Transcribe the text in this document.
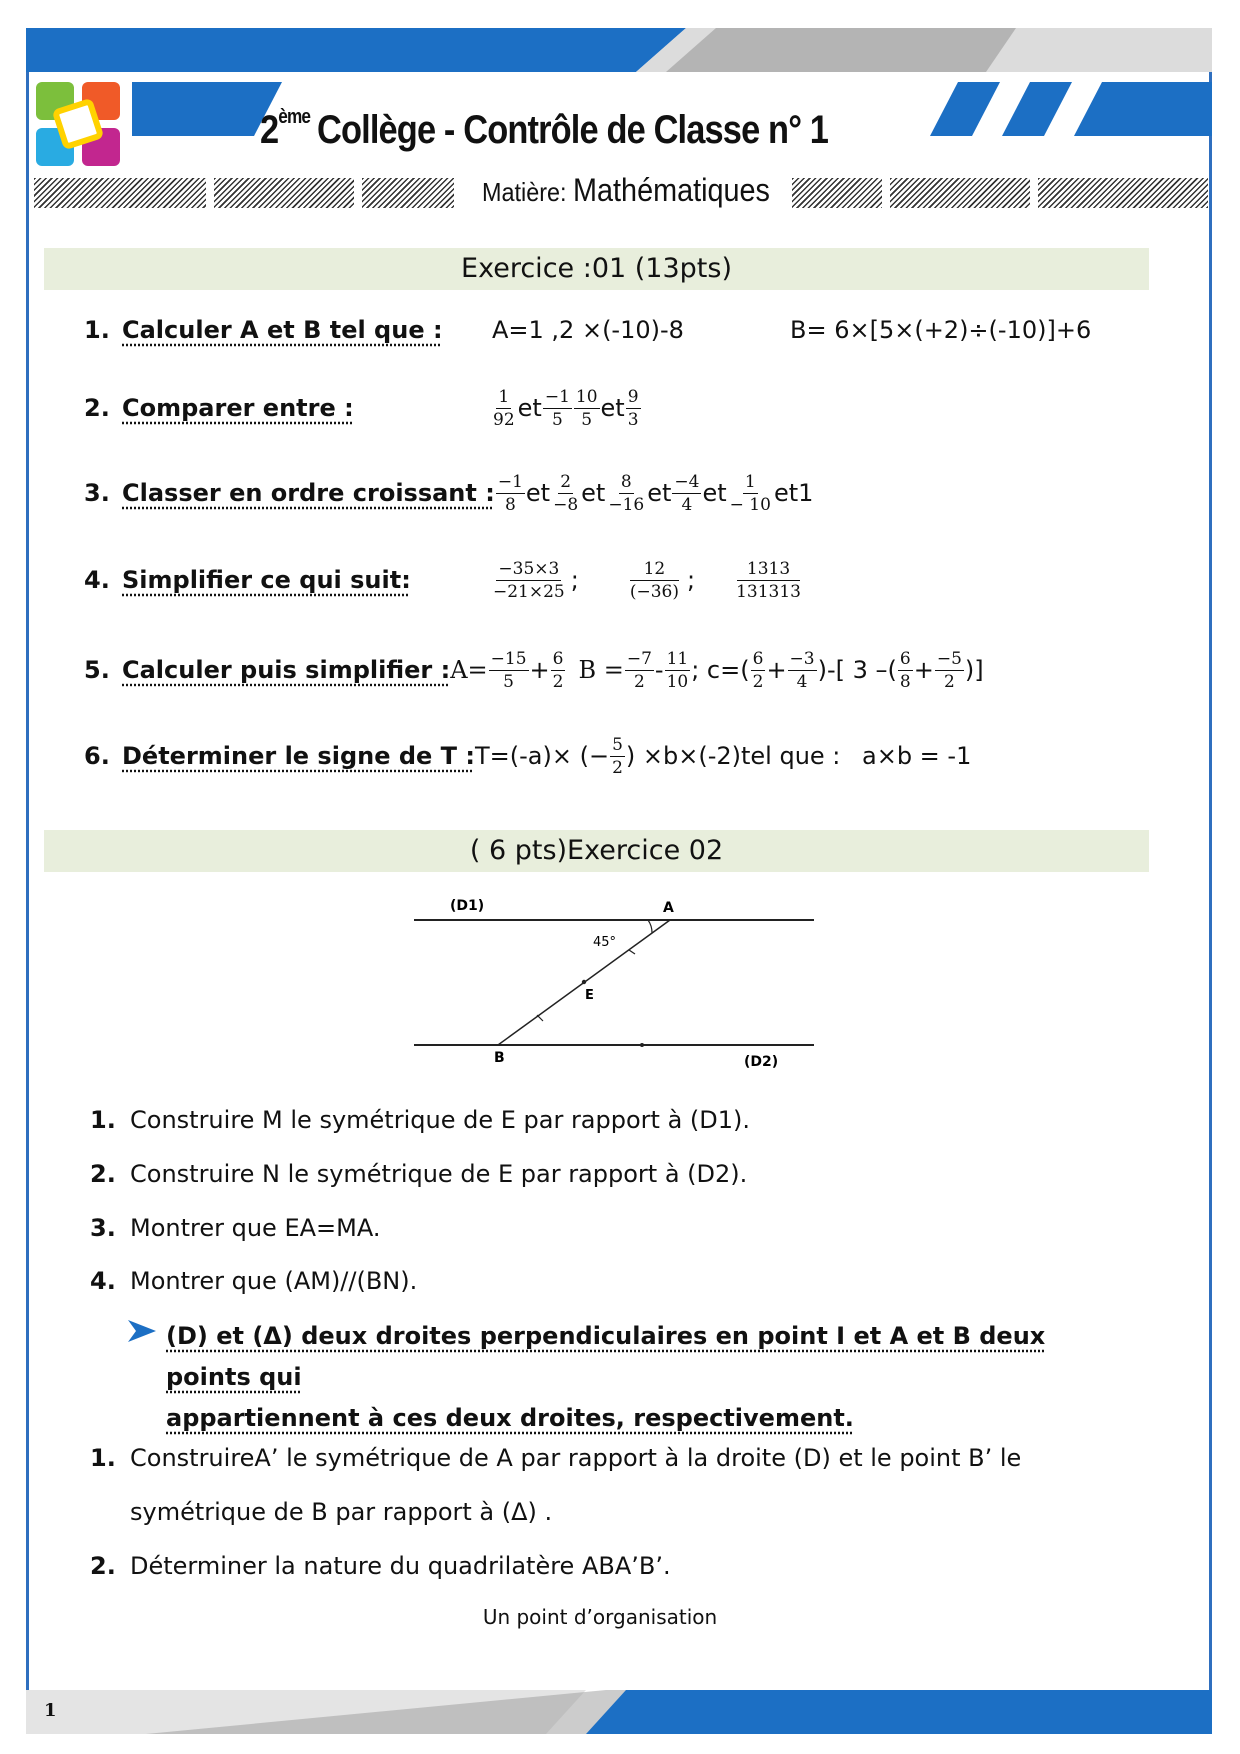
2ème Collège - Contrôle de Classe n° 1
Matière: Mathématiques
Exercice :01 (13pts)
1. Calculer A et B tel que : A=1 ,2 ×(-10)-8	B= 6×[5×(+2)÷(-10)]+6
2. Comparer entre :	$\frac{1}{92}$ et $\frac{-1}{5} \frac{10}{5}$ et $\frac{9}{3}$
3. Classer en ordre croissant : $\frac{-1}{8}$ et $\frac{2}{-8}$ et $\frac{8}{-16}$ et $\frac{-4}{4}$ et $\frac{1}{- 10} et1$
4. Simplifier ce qui suit:	$\frac{-35\times 3}{-21\times 25}$ ;	$\frac{12}{(-36)}$ ; $\frac{1313}{131313}$
5. Calculer puis simplifier : $A= \frac{-15}{5} + \frac{6}{2}$ $B = \frac{-7}{2} - \frac{11}{10}$ ; $c=( \frac{6}{2} + \frac{-3}{4}$ )-[ 3 –( $\frac{6}{8} + \frac{-5}{2}$ )]
6. Déterminer le signe de T : T=(-a)× (− $\frac{5}{2}$ ) ×b×(-2)tel que : a×b = -1
( 6 pts)Exercice 02
(D1)
(D2)
A
B
E
45°
1. Construire M le symétrique de E par rapport à (D1).
2. Construire N le symétrique de E par rapport à (D2).
3. Montrer que EA=MA.
4. Montrer que (AM)//(BN).
(D) et (Δ) deux droites perpendiculaires en point I et A et B deux points qui
appartiennent à ces deux droites, respectivement.
1. ConstruireA’ le symétrique de A par rapport à la droite (D) et le point B’ le
symétrique de B par rapport à (Δ) .
2. Déterminer la nature du quadrilatère ABA’B’.
Un point d’organisation
1
